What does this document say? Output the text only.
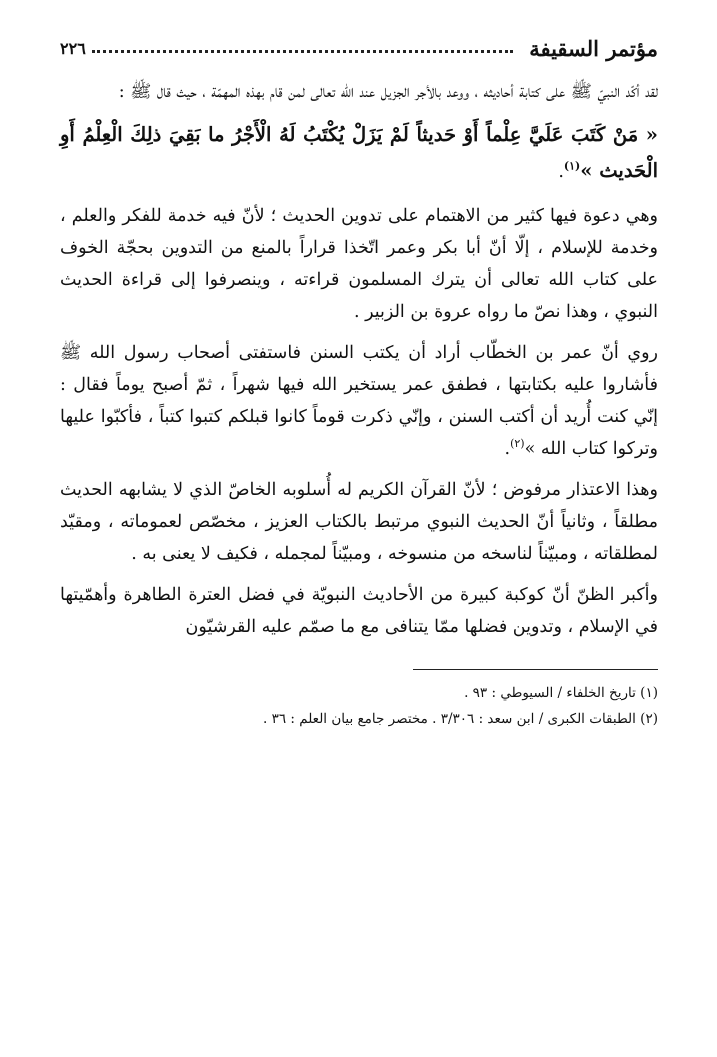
مؤتمر السقيفة
٢٢٦

لقد أكّد النبيّ ﷺ على كتابة أحاديثه ، ووعد بالأجر الجزيل عند الله تعالى لمن قام بهذه المهمّة ، حيث قال ﷺ :

« مَنْ كَتَبَ عَلَيَّ عِلْماً أَوْ حَديثاً لَمْ يَزَلْ يُكْتَبُ لَهُ الْأَجْرُ ما بَقِيَ ذلِكَ الْعِلْمُ أَوِ الْحَديث »$^{(١)}$.

وهي دعوة فيها كثير من الاهتمام على تدوين الحديث ؛ لأنّ فيه خدمة للفكر والعلم ، وخدمة للإسلام ، إلّا أنّ أبا بكر وعمر اتّخذا قراراً بالمنع من التدوين بحجّة الخوف على كتاب الله تعالى أن يترك المسلمون قراءته ، وينصرفوا إلى قراءة الحديث النبوي ، وهذا نصّ ما رواه عروة بن الزبير .

روي أنّ عمر بن الخطّاب أراد أن يكتب السنن فاستفتى أصحاب رسول الله ﷺ فأشاروا عليه بكتابتها ، فطفق عمر يستخير الله فيها شهراً ، ثمّ أصبح يوماً فقال : إنّي كنت أُريد أن أكتب السنن ، وإنّي ذكرت قوماً كانوا قبلكم كتبوا كتباً ، فأكبّوا عليها وتركوا كتاب الله »$^{(٢)}$.

وهذا الاعتذار مرفوض ؛ لأنّ القرآن الكريم له أُسلوبه الخاصّ الذي لا يشابهه الحديث مطلقاً ، وثانياً أنّ الحديث النبوي مرتبط بالكتاب العزيز ، مخصّص لعموماته ، ومقيّد لمطلقاته ، ومبيّناً لناسخه من منسوخه ، ومبيّناً لمجمله ، فكيف لا يعنى به .

وأكبر الظنّ أنّ كوكبة كبيرة من الأحاديث النبويّة في فضل العترة الطاهرة وأهمّيتها في الإسلام ، وتدوين فضلها ممّا يتنافى مع ما صمّم عليه القرشيّون

(١) تاريخ الخلفاء / السيوطي : ٩٣ .

(٢) الطبقات الكبرى / ابن سعد : ٣/٣٠٦ . مختصر جامع بيان العلم : ٣٦ .
